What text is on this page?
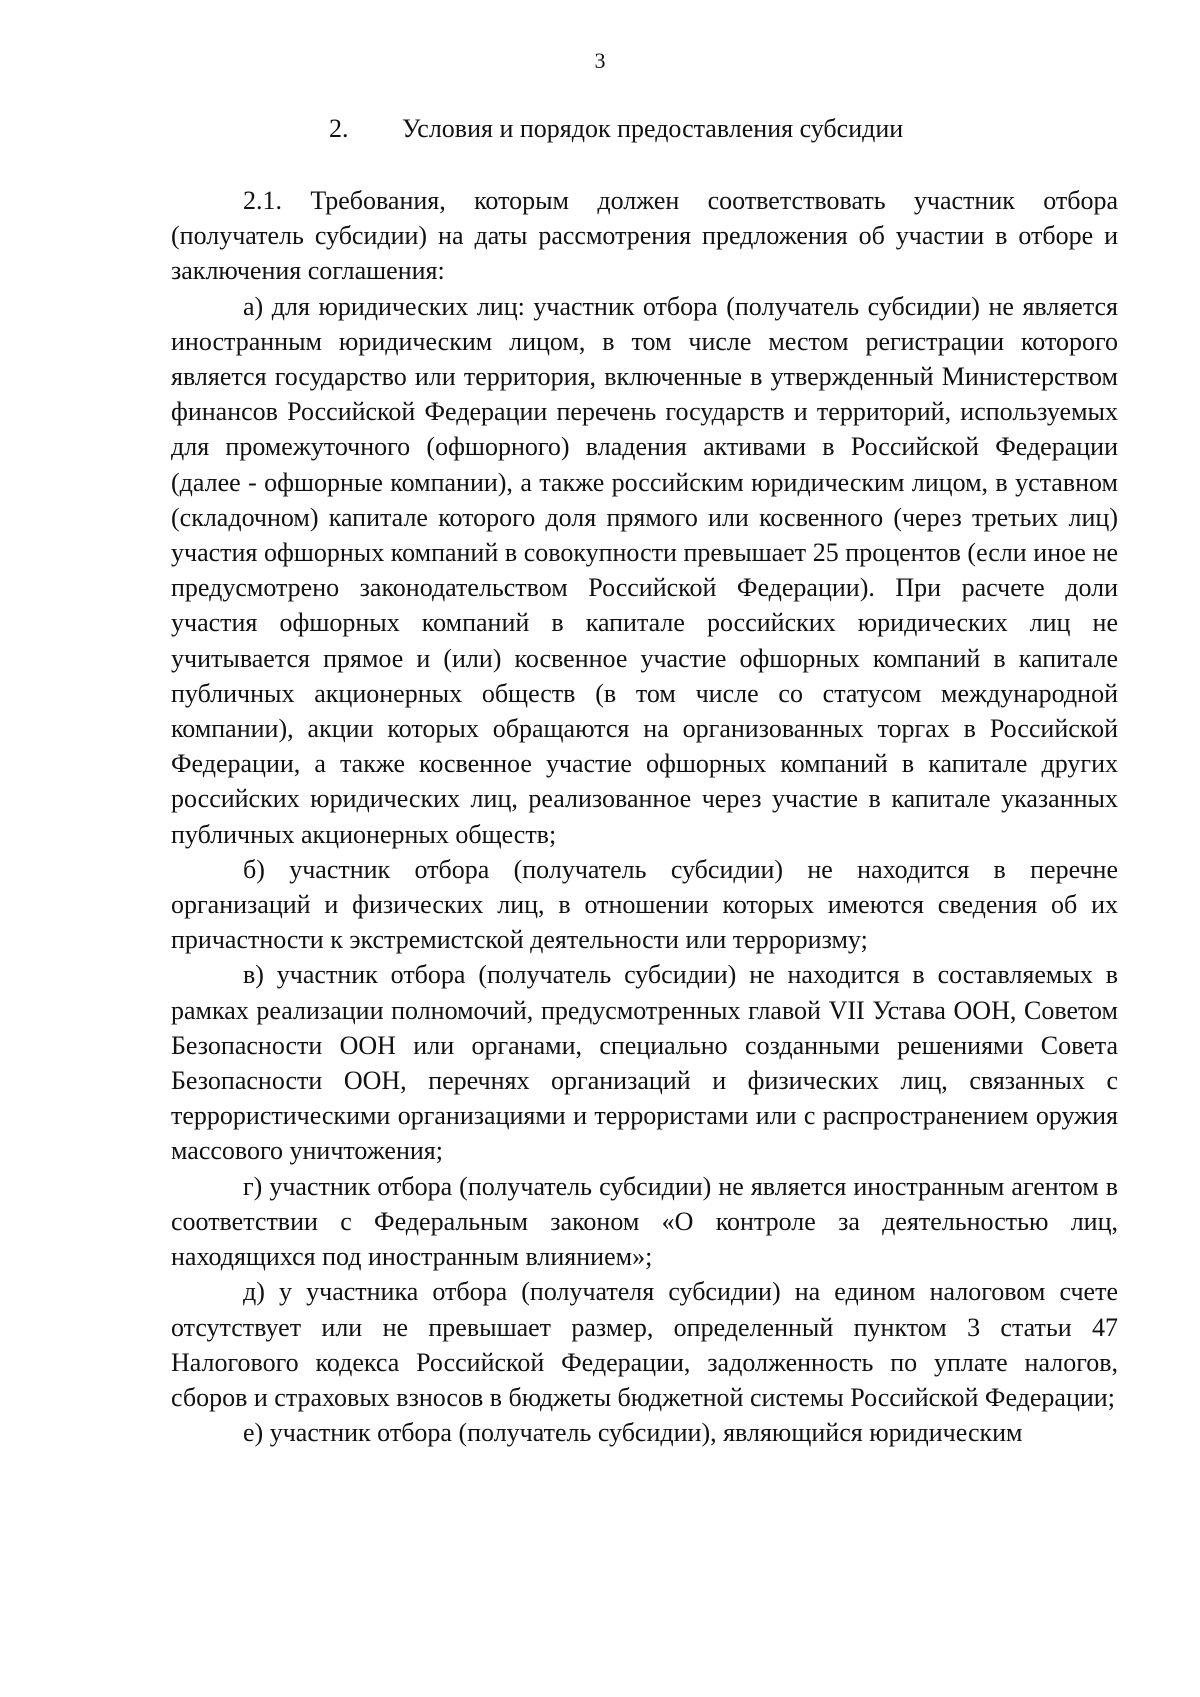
3
2. Условия и порядок предоставления субсидии

2.1. Требования, которым должен соответствовать участник отбора (получатель субсидии) на даты рассмотрения предложения об участии в отборе и заключения соглашения:

а) для юридических лиц: участник отбора (получатель субсидии) не является иностранным юридическим лицом, в том числе местом регистрации которого является государство или территория, включенные в утвержденный Министерством финансов Российской Федерации перечень государств и территорий, используемых для промежуточного (офшорного) владения активами в Российской Федерации (далее - офшорные компании), а также российским юридическим лицом, в уставном (складочном) капитале которого доля прямого или косвенного (через третьих лиц) участия офшорных компаний в совокупности превышает 25 процентов (если иное не предусмотрено законодательством Российской Федерации). При расчете доли участия офшорных компаний в капитале российских юридических лиц не учитывается прямое и (или) косвенное участие офшорных компаний в капитале публичных акционерных обществ (в том числе со статусом международной компании), акции которых обращаются на организованных торгах в Российской Федерации, а также косвенное участие офшорных компаний в капитале других российских юридических лиц, реализованное через участие в капитале указанных публичных акционерных обществ;

б) участник отбора (получатель субсидии) не находится в перечне организаций и физических лиц, в отношении которых имеются сведения об их причастности к экстремистской деятельности или терроризму;

в) участник отбора (получатель субсидии) не находится в составляемых в рамках реализации полномочий, предусмотренных главой VII Устава ООН, Советом Безопасности ООН или органами, специально созданными решениями Совета Безопасности ООН, перечнях организаций и физических лиц, связанных с террористическими организациями и террористами или с распространением оружия массового уничтожения;

г) участник отбора (получатель субсидии) не является иностранным агентом в соответствии с Федеральным законом «О контроле за деятельностью лиц, находящихся под иностранным влиянием»;

д) у участника отбора (получателя субсидии) на едином налоговом счете отсутствует или не превышает размер, определенный пунктом 3 статьи 47 Налогового кодекса Российской Федерации, задолженность по уплате налогов, сборов и страховых взносов в бюджеты бюджетной системы Российской Федерации;

е) участник отбора (получатель субсидии), являющийся юридическим
